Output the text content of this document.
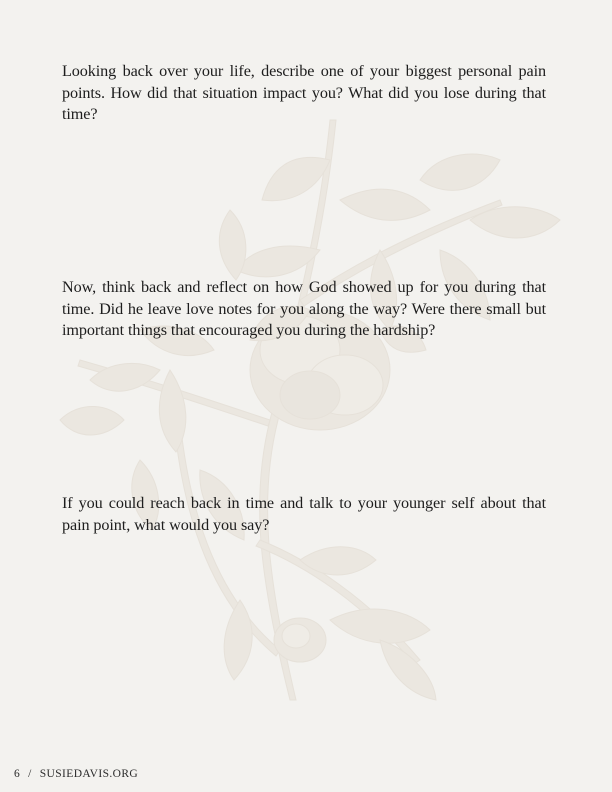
Looking back over your life, describe one of your biggest personal pain points. How did that situation impact you? What did you lose during that time?

Now, think back and reflect on how God showed up for you during that time. Did he leave love notes for you along the way? Were there small but important things that encouraged you during the hardship?

If you could reach back in time and talk to your younger self about that pain point, what would you say?

6 / SUSIEDAVIS.ORG
